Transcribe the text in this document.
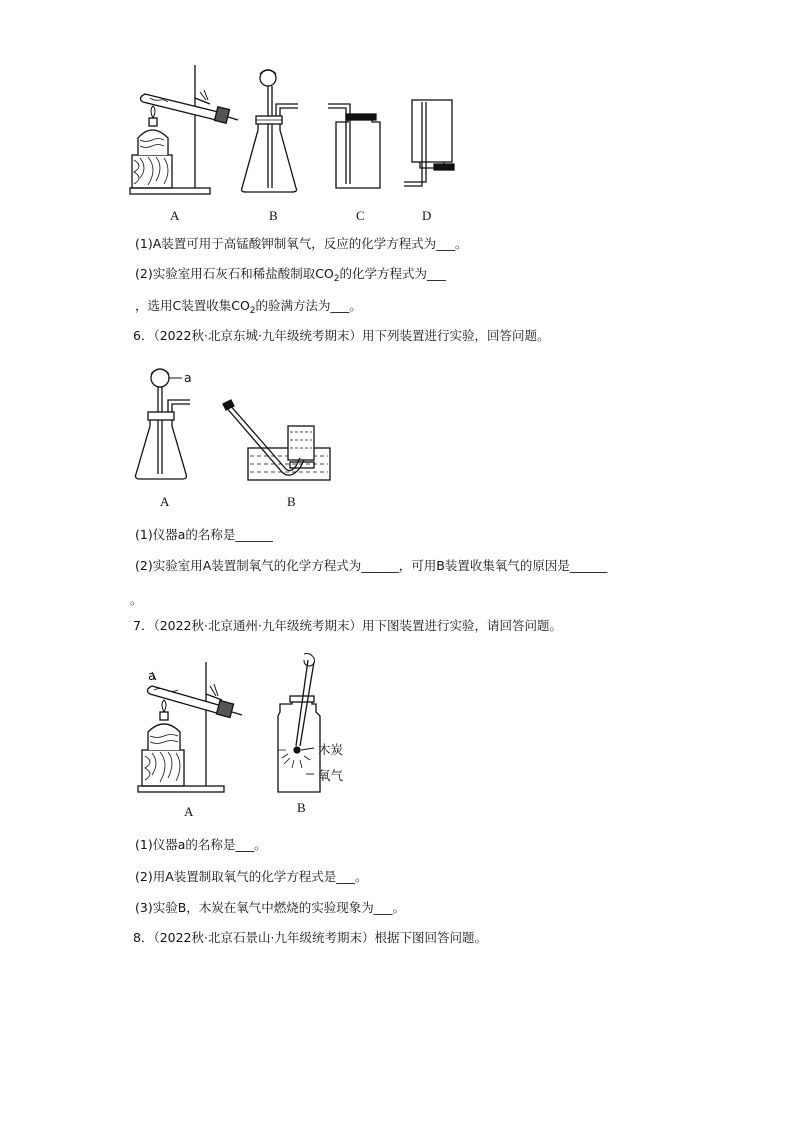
A	B	C	D
(1)A装置可用于高锰酸钾制氧气，反应的化学方程式为___。
(2)实验室用石灰石和稀盐酸制取$CO_2$的化学方程式为___
，选用C装置收集$CO_2$的验满方法为___。
6．（2022秋·北京东城·九年级统考期末）用下列装置进行实验，回答问题。
a
A	B
(1)仪器a的名称是______
(2)实验室用A装置制氧气的化学方程式为______，可用B装置收集氧气的原因是______
。
7．（2022秋·北京通州·九年级统考期末）用下图装置进行实验，请回答问题。
a
木炭
氧气
A	B
(1)仪器a的名称是___。
(2)用A装置制取氧气的化学方程式是___。
(3)实验B，木炭在氧气中燃烧的实验现象为___。
8．（2022秋·北京石景山·九年级统考期末）根据下图回答问题。
